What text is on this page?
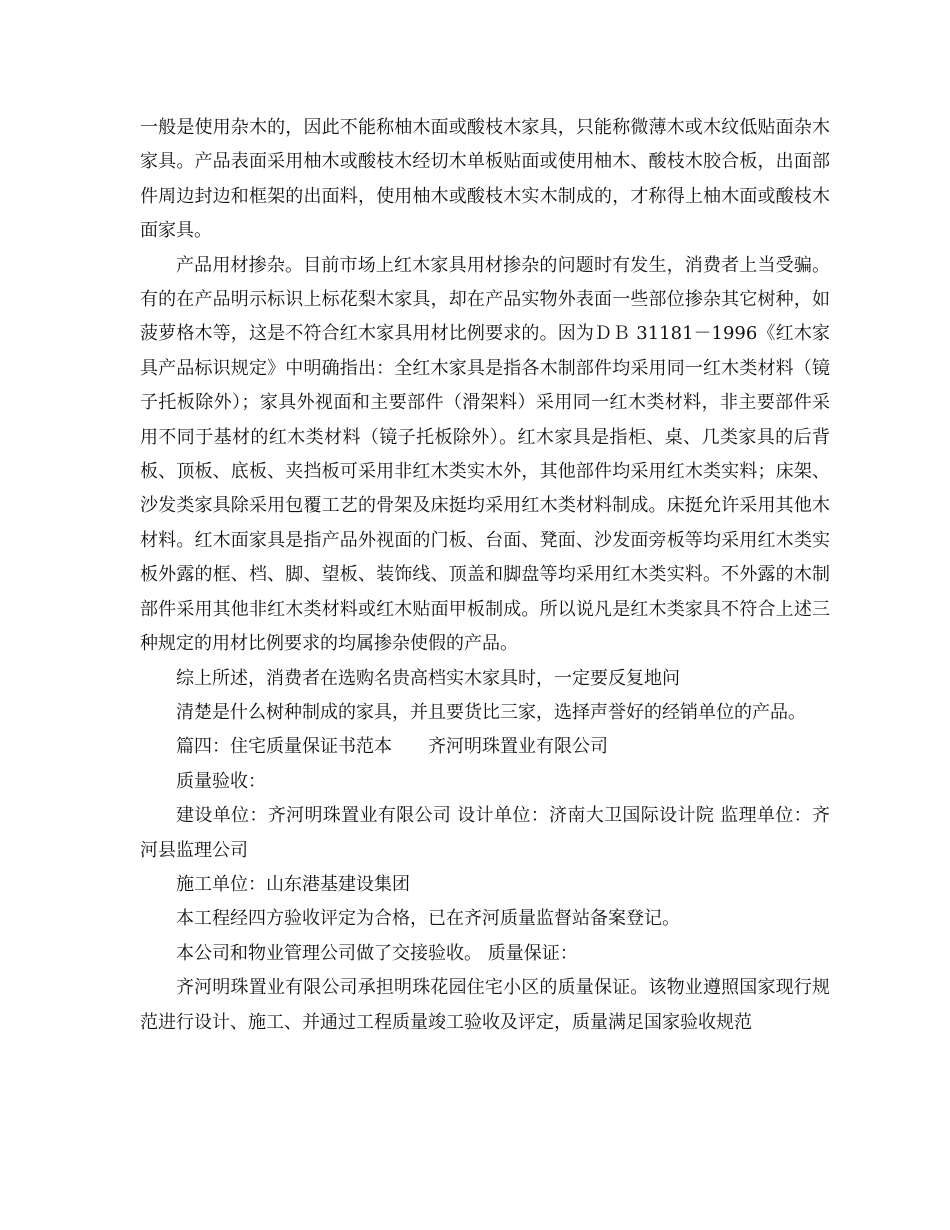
一般是使用杂木的，因此不能称柚木面或酸枝木家具，只能称微薄木或木纹低贴面杂木家具。产品表面采用柚木或酸枝木经切木单板贴面或使用柚木、酸枝木胶合板，出面部件周边封边和框架的出面料，使用柚木或酸枝木实木制成的，才称得上柚木面或酸枝木面家具。

产品用材掺杂。目前市场上红木家具用材掺杂的问题时有发生，消费者上当受骗。有的在产品明示标识上标花梨木家具，却在产品实物外表面一些部位掺杂其它树种，如菠萝格木等，这是不符合红木家具用材比例要求的。因为ＤＢ 31181－1996《红木家具产品标识规定》中明确指出：全红木家具是指各木制部件均采用同一红木类材料（镜子托板除外）；家具外视面和主要部件（滑架料）采用同一红木类材料，非主要部件采用不同于基材的红木类材料（镜子托板除外）。红木家具是指柜、桌、几类家具的后背板、顶板、底板、夹挡板可采用非红木类实木外，其他部件均采用红木类实料；床架、沙发类家具除采用包覆工艺的骨架及床挺均采用红木类材料制成。床挺允许采用其他木材料。红木面家具是指产品外视面的门板、台面、凳面、沙发面旁板等均采用红木类实板外露的框、档、脚、望板、装饰线、顶盖和脚盘等均采用红木类实料。不外露的木制部件采用其他非红木类材料或红木贴面甲板制成。所以说凡是红木类家具不符合上述三种规定的用材比例要求的均属掺杂使假的产品。

综上所述，消费者在选购名贵高档实木家具时，一定要反复地问

清楚是什么树种制成的家具，并且要货比三家，选择声誉好的经销单位的产品。

篇四：住宅质量保证书范本　　齐河明珠置业有限公司

质量验收：

建设单位：齐河明珠置业有限公司 设计单位：济南大卫国际设计院 监理单位：齐河县监理公司

施工单位：山东港基建设集团

本工程经四方验收评定为合格，已在齐河质量监督站备案登记。

本公司和物业管理公司做了交接验收。 质量保证：

齐河明珠置业有限公司承担明珠花园住宅小区的质量保证。该物业遵照国家现行规范进行设计、施工、并通过工程质量竣工验收及评定，质量满足国家验收规范
